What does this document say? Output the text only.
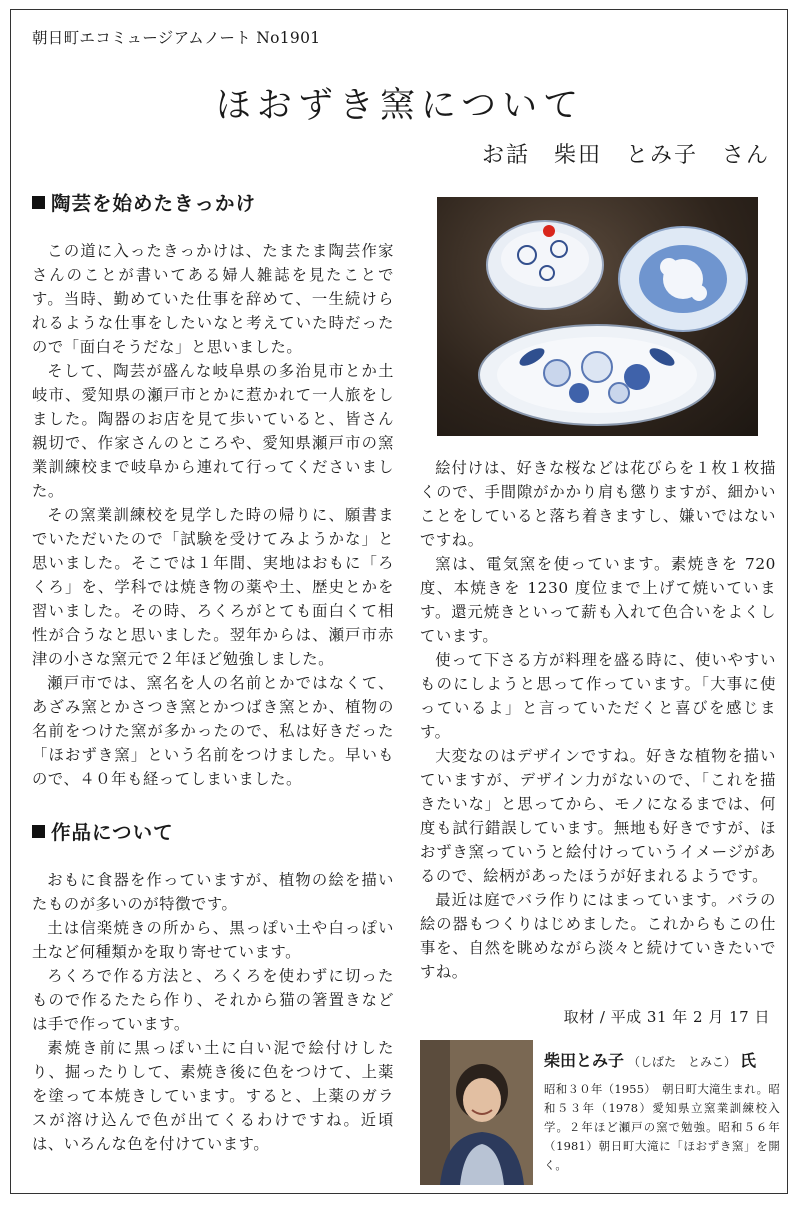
朝日町エコミュージアムノート No1901
ほおずき窯について
お話　柴田　とみ子　さん
陶芸を始めたきっかけ

この道に入ったきっかけは、たまたま陶芸作家さんのことが書いてある婦人雑誌を見たことです。当時、勤めていた仕事を辞めて、一生続けられるような仕事をしたいなと考えていた時だったので「面白そうだな」と思いました。

そして、陶芸が盛んな岐阜県の多治見市とか土岐市、愛知県の瀬戸市とかに惹かれて一人旅をしました。陶器のお店を見て歩いていると、皆さん親切で、作家さんのところや、愛知県瀬戸市の窯業訓練校まで岐阜から連れて行ってくださいました。

その窯業訓練校を見学した時の帰りに、願書までいただいたので「試験を受けてみようかな」と思いました。そこでは１年間、実地はおもに「ろくろ」を、学科では焼き物の薬や土、歴史とかを習いました。その時、ろくろがとても面白くて相性が合うなと思いました。翌年からは、瀬戸市赤津の小さな窯元で２年ほど勉強しました。

瀬戸市では、窯名を人の名前とかではなくて、あざみ窯とかさつき窯とかつばき窯とか、植物の名前をつけた窯が多かったので、私は好きだった「ほおずき窯」という名前をつけました。早いもので、４０年も経ってしまいました。

作品について

おもに食器を作っていますが、植物の絵を描いたものが多いのが特徴です。

土は信楽焼きの所から、黒っぽい土や白っぽい土など何種類かを取り寄せています。

ろくろで作る方法と、ろくろを使わずに切ったもので作るたたら作り、それから猫の箸置きなどは手で作っています。

素焼き前に黒っぽい土に白い泥で絵付けしたり、掘ったりして、素焼き後に色をつけて、上薬を塗って本焼きしています。すると、上薬のガラスが溶け込んで色が出てくるわけですね。近頃は、いろんな色を付けています。

絵付けは、好きな桜などは花びらを１枚１枚描くので、手間隙がかかり肩も懲りますが、細かいことをしていると落ち着きますし、嫌いではないですね。

窯は、電気窯を使っています。素焼きを 720 度、本焼きを 1230 度位まで上げて焼いています。還元焼きといって薪も入れて色合いをよくしています。

使って下さる方が料理を盛る時に、使いやすいものにしようと思って作っています。「大事に使っているよ」と言っていただくと喜びを感じます。

大変なのはデザインですね。好きな植物を描いていますが、デザイン力がないので、「これを描きたいな」と思ってから、モノになるまでは、何度も試行錯誤しています。無地も好きですが、ほおずき窯っていうと絵付けっていうイメージがあるので、絵柄があったほうが好まれるようです。

最近は庭でバラ作りにはまっています。バラの絵の器もつくりはじめました。これからもこの仕事を、自然を眺めながら淡々と続けていきたいですね。

取材 / 平成 31 年 2 月 17 日
柴田とみ子 （しばた　とみこ） 氏
昭和３０年（1955）　朝日町大滝生まれ。昭和５３年（1978）愛知県立窯業訓練校入学。２年ほど瀬戸の窯で勉強。昭和５６年（1981）朝日町大滝に「ほおずき窯」を開く。
